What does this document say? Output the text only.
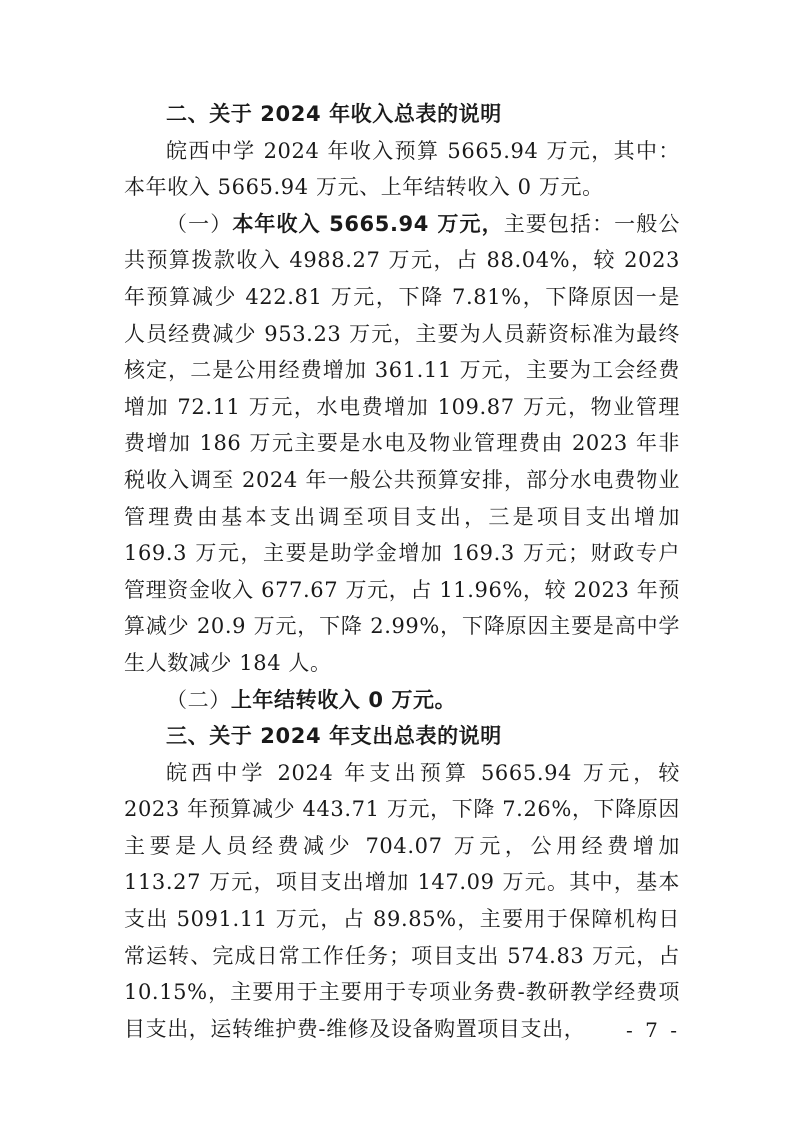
二、关于 2024 年收入总表的说明

皖西中学 2024 年收入预算 5665.94 万元，其中：本年收入 5665.94 万元、上年结转收入 0 万元。

（一）本年收入 5665.94 万元，主要包括：一般公共预算拨款收入 4988.27 万元，占 88.04%，较 2023 年预算减少 422.81 万元，下降 7.81%，下降原因一是人员经费减少 953.23 万元，主要为人员薪资标准为最终核定，二是公用经费增加 361.11 万元，主要为工会经费增加 72.11 万元，水电费增加 109.87 万元，物业管理费增加 186 万元主要是水电及物业管理费由 2023 年非税收入调至 2024 年一般公共预算安排，部分水电费物业管理费由基本支出调至项目支出，三是项目支出增加 169.3 万元，主要是助学金增加 169.3 万元；财政专户管理资金收入 677.67 万元，占 11.96%，较 2023 年预算减少 20.9 万元，下降 2.99%，下降原因主要是高中学生人数减少 184 人。

（二）上年结转收入 0 万元。

三、关于 2024 年支出总表的说明

皖西中学 2024 年支出预算 5665.94 万元，较 2023 年预算减少 443.71 万元，下降 7.26%，下降原因主要是人员经费减少 704.07 万元，公用经费增加 113.27 万元，项目支出增加 147.09 万元。其中，基本支出 5091.11 万元，占 89.85%，主要用于保障机构日常运转、完成日常工作任务；项目支出 574.83 万元，占 10.15%，主要用于主要用于专项业务费-教研教学经费项目支出，运转维护费-维修及设备购置项目支出，	- 7 -
